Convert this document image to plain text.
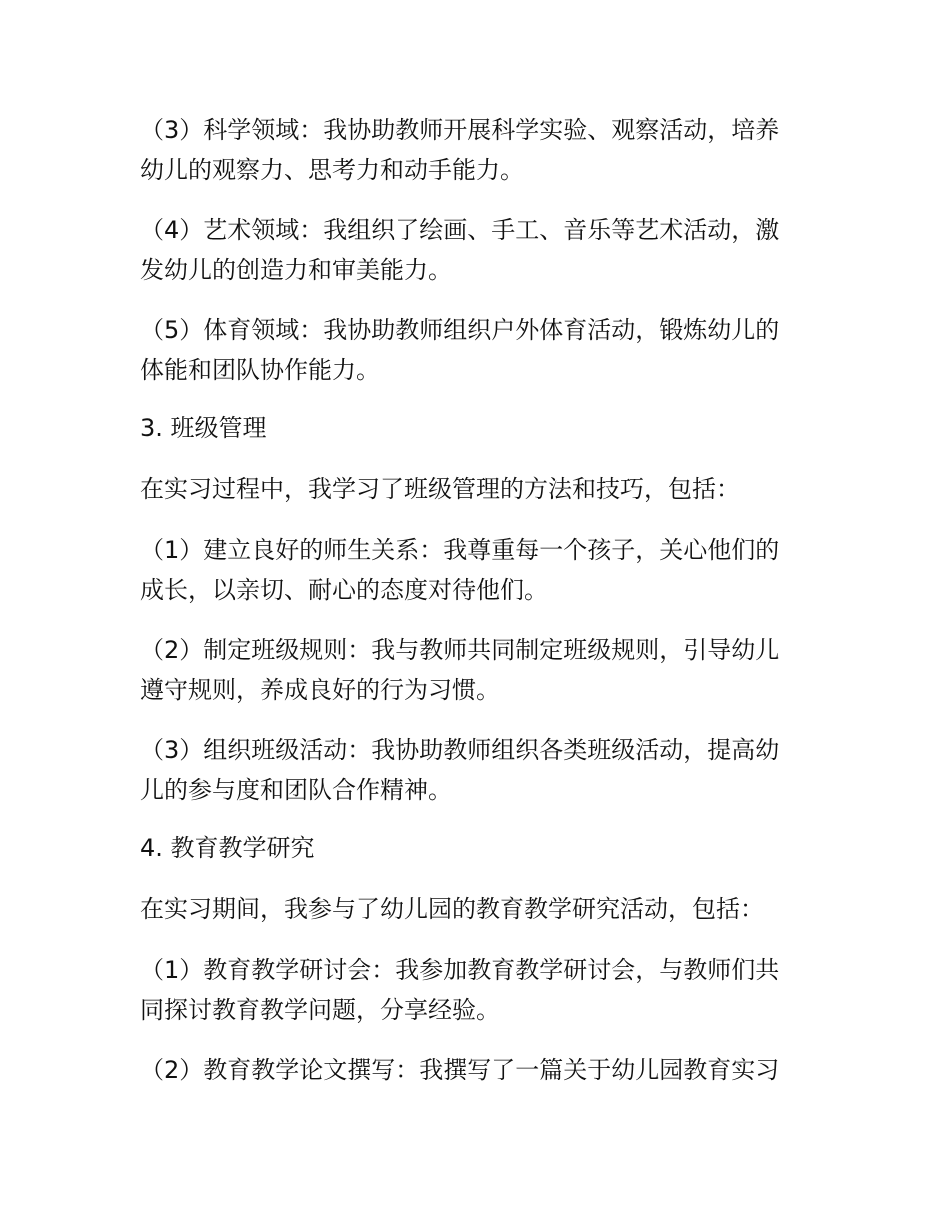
（3）科学领域：我协助教师开展科学实验、观察活动，培养
幼儿的观察力、思考力和动手能力。

（4）艺术领域：我组织了绘画、手工、音乐等艺术活动，激
发幼儿的创造力和审美能力。

（5）体育领域：我协助教师组织户外体育活动，锻炼幼儿的
体能和团队协作能力。

3. 班级管理

在实习过程中，我学习了班级管理的方法和技巧，包括：

（1）建立良好的师生关系：我尊重每一个孩子，关心他们的
成长，以亲切、耐心的态度对待他们。

（2）制定班级规则：我与教师共同制定班级规则，引导幼儿
遵守规则，养成良好的行为习惯。

（3）组织班级活动：我协助教师组织各类班级活动，提高幼
儿的参与度和团队合作精神。

4. 教育教学研究

在实习期间，我参与了幼儿园的教育教学研究活动，包括：

（1）教育教学研讨会：我参加教育教学研讨会，与教师们共
同探讨教育教学问题，分享经验。

（2）教育教学论文撰写：我撰写了一篇关于幼儿园教育实习
